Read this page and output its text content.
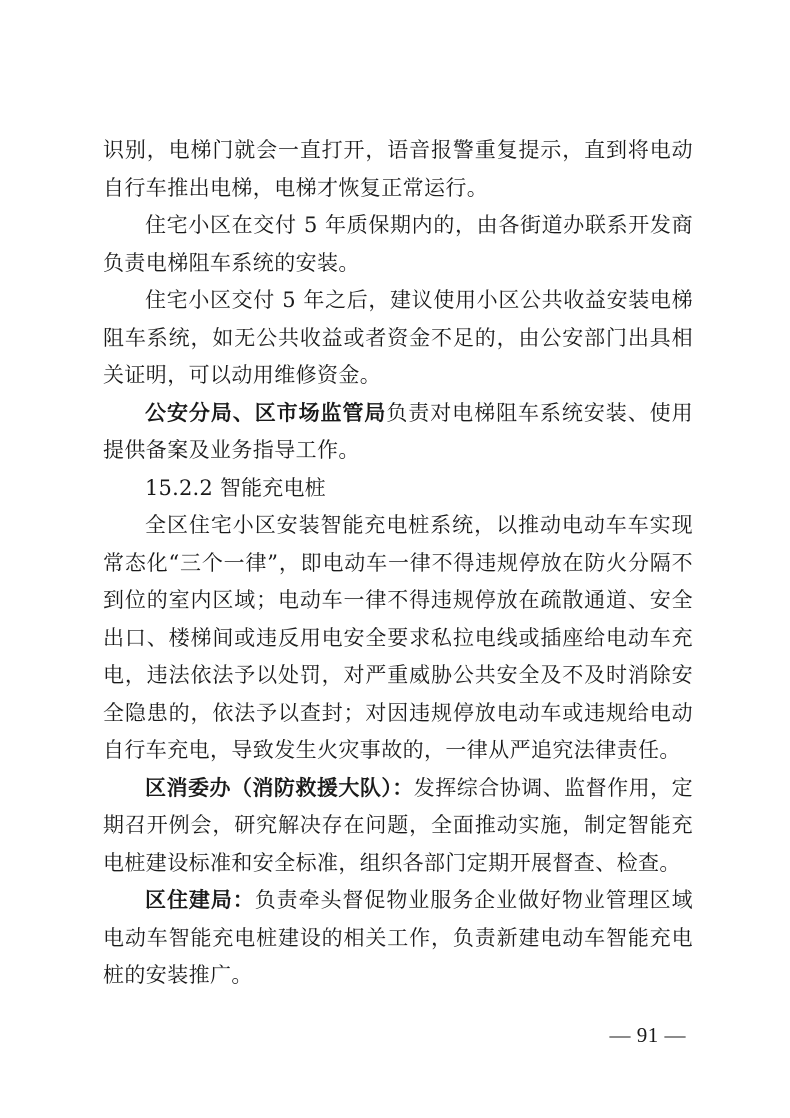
识别，电梯门就会一直打开，语音报警重复提示，直到将电动自行车推出电梯，电梯才恢复正常运行。

住宅小区在交付 5 年质保期内的，由各街道办联系开发商负责电梯阻车系统的安装。

住宅小区交付 5 年之后，建议使用小区公共收益安装电梯阻车系统，如无公共收益或者资金不足的，由公安部门出具相关证明，可以动用维修资金。

公安分局、区市场监管局负责对电梯阻车系统安装、使用提供备案及业务指导工作。

15.2.2 智能充电桩

全区住宅小区安装智能充电桩系统，以推动电动车车实现常态化“三个一律”，即电动车一律不得违规停放在防火分隔不到位的室内区域；电动车一律不得违规停放在疏散通道、安全出口、楼梯间或违反用电安全要求私拉电线或插座给电动车充电，违法依法予以处罚，对严重威胁公共安全及不及时消除安全隐患的，依法予以查封；对因违规停放电动车或违规给电动自行车充电，导致发生火灾事故的，一律从严追究法律责任。

区消委办（消防救援大队）：发挥综合协调、监督作用，定期召开例会，研究解决存在问题，全面推动实施，制定智能充电桩建设标准和安全标准，组织各部门定期开展督查、检查。

区住建局：负责牵头督促物业服务企业做好物业管理区域电动车智能充电桩建设的相关工作，负责新建电动车智能充电桩的安装推广。

— 91 —
